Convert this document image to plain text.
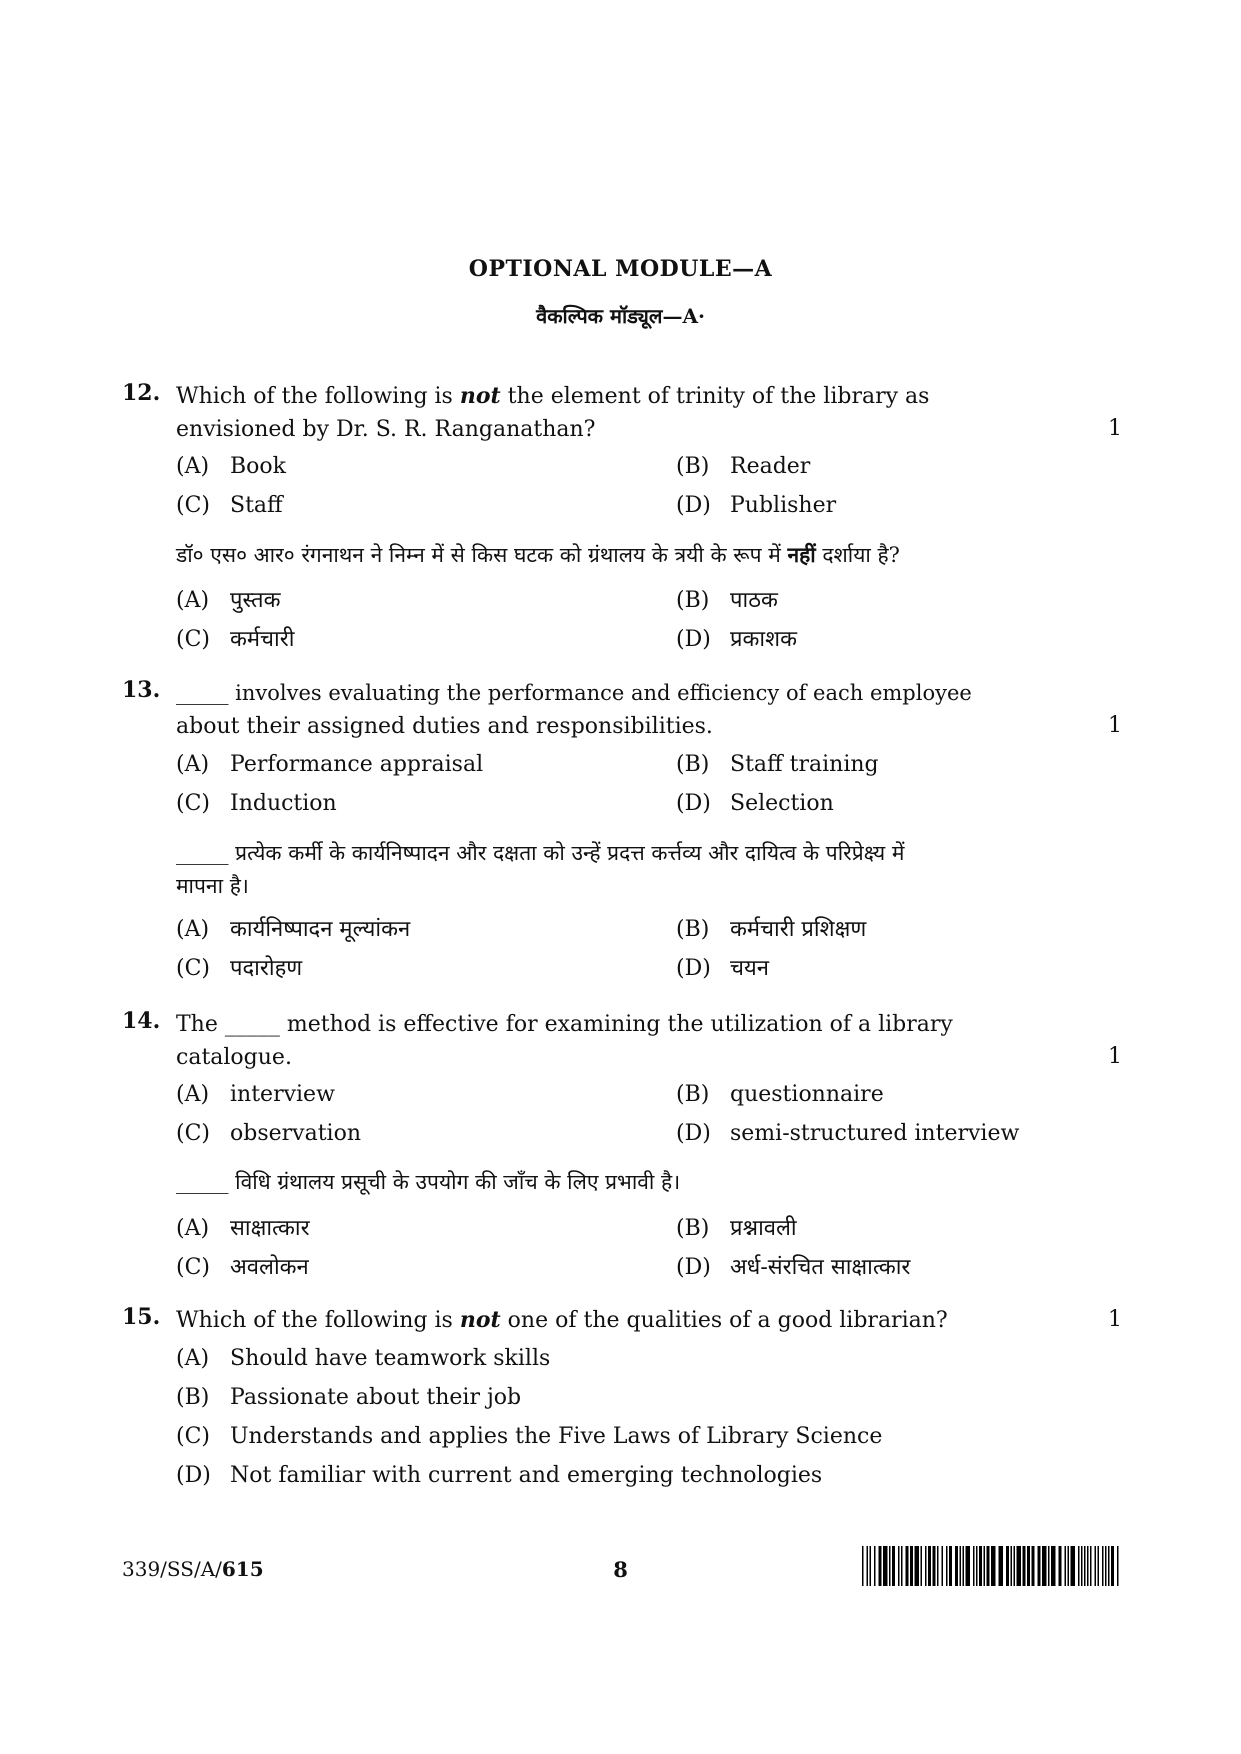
OPTIONAL MODULE—A
वैकल्पिक मॉड्यूल—A·
12. Which of the following is not the element of trinity of the library as
envisioned by Dr. S. R. Ranganathan?	1
(A) Book	(B) Reader
(C) Staff	(D) Publisher
डॉ० एस० आर० रंगनाथन ने निम्न में से किस घटक को ग्रंथालय के त्रयी के रूप में नहीं दर्शाया है?
(A) पुस्तक	(B) पाठक
(C) कर्मचारी	(D) प्रकाशक
13. _____ involves evaluating the performance and efficiency of each employee
about their assigned duties and responsibilities.	1
(A) Performance appraisal	(B) Staff training
(C) Induction	(D) Selection
_____ प्रत्येक कर्मी के कार्यनिष्पादन और दक्षता को उन्हें प्रदत्त कर्त्तव्य और दायित्व के परिप्रेक्ष्य में
मापना है।
(A) कार्यनिष्पादन मूल्यांकन	(B) कर्मचारी प्रशिक्षण
(C) पदारोहण	(D) चयन
14. The _____ method is effective for examining the utilization of a library
catalogue.	1
(A) interview	(B) questionnaire
(C) observation	(D) semi-structured interview
_____ विधि ग्रंथालय प्रसूची के उपयोग की जाँच के लिए प्रभावी है।
(A) साक्षात्कार	(B) प्रश्नावली
(C) अवलोकन	(D) अर्ध-संरचित साक्षात्कार
15. Which of the following is not one of the qualities of a good librarian?	1
(A) Should have teamwork skills
(B) Passionate about their job
(C) Understands and applies the Five Laws of Library Science
(D) Not familiar with current and emerging technologies
339/SS/A/615	8
